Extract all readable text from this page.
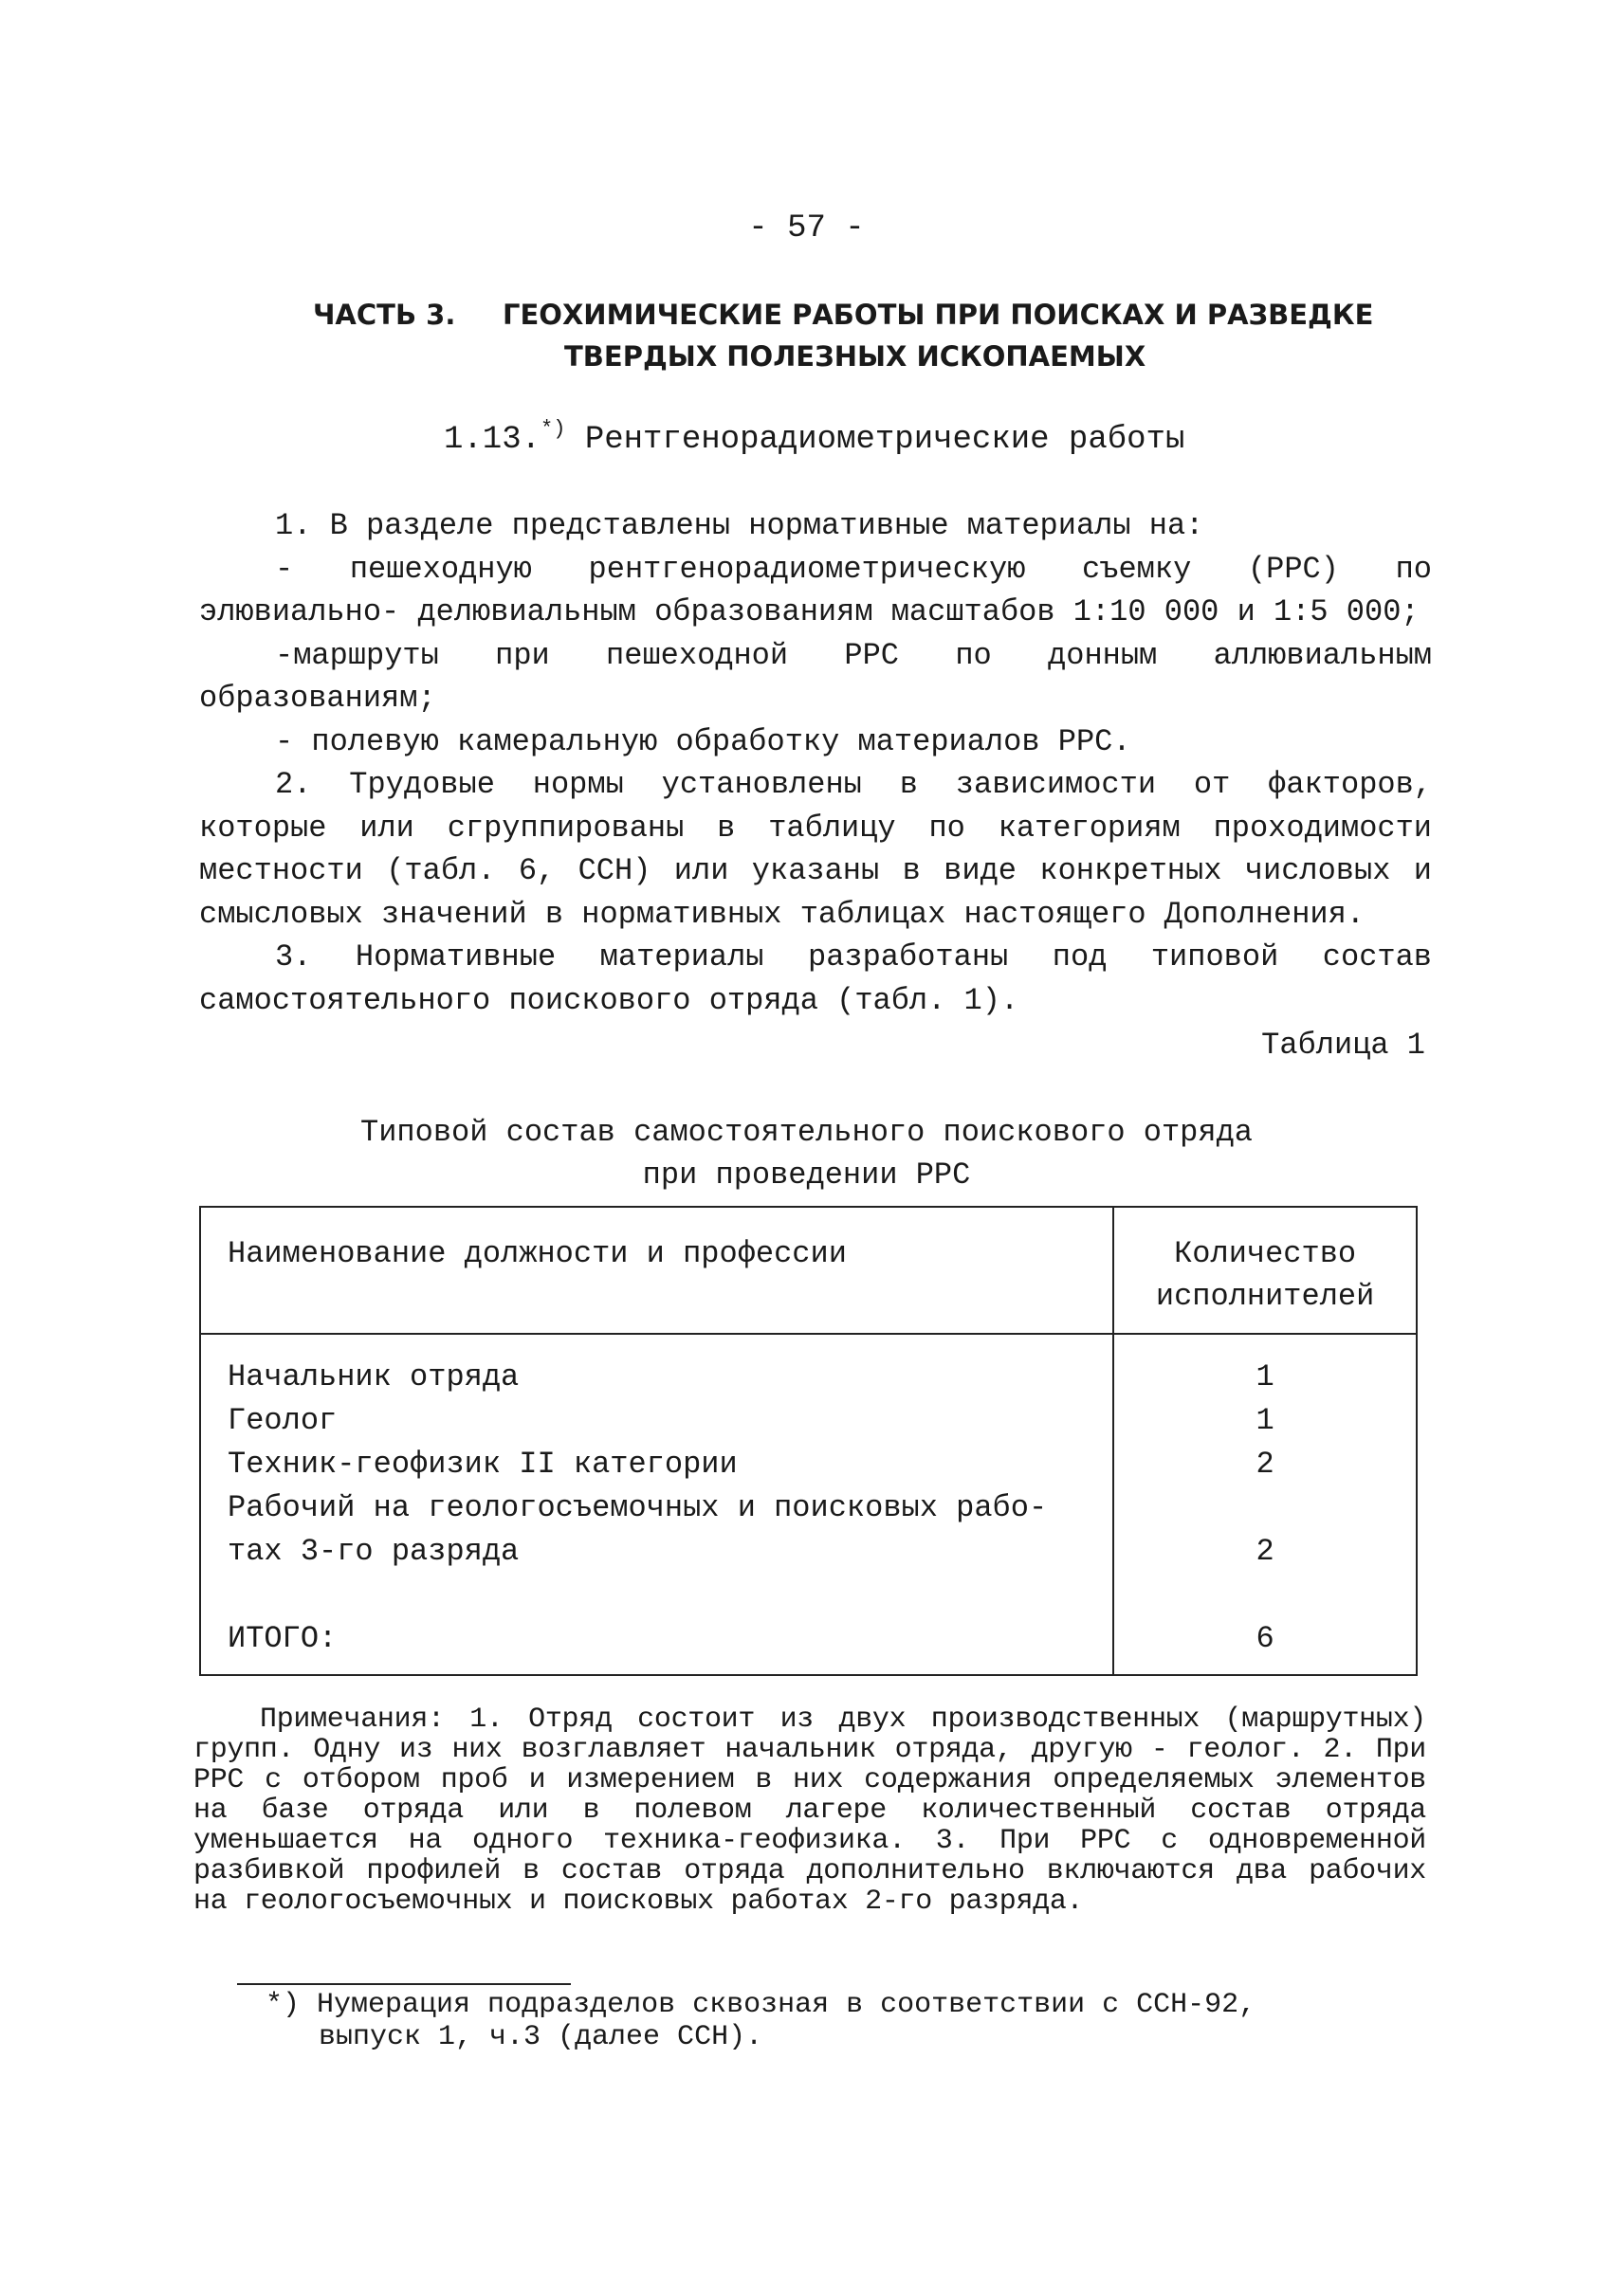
- 57 -
ЧАСТЬ 3. ГЕОХИМИЧЕСКИЕ РАБОТЫ ПРИ ПОИСКАХ И РАЗВЕДКЕ
ТВЕРДЫХ ПОЛЕЗНЫХ ИСКОПАЕМЫХ
1.13.*) Рентгенорадиометрические работы

1. В разделе представлены нормативные материалы на:

- пешеходную рентгенорадиометрическую съемку (РРС) по элювиально- делювиальным образованиям масштабов 1:10 000 и 1:5 000;

-маршруты при пешеходной РРС по донным аллювиальным образованиям;

- полевую камеральную обработку материалов РРС.

2. Трудовые нормы установлены в зависимости от факторов, которые или сгруппированы в таблицу по категориям проходимости местности (табл. 6, ССН) или указаны в виде конкретных числовых и смысловых значений в нормативных таблицах настоящего Дополнения.

3. Нормативные материалы разработаны под типовой состав самостоятельного поискового отряда (табл. 1).

Таблица 1
Типовой состав самостоятельного поискового отряда
при проведении РРС
Наименование должности и профессии	Количество
исполнителей

Начальник отряда	1
Геолог	1
Техник-геофизик II категории	2

Рабочий на геологосъемочных и поисковых рабо-
тах 3-го разряда	2

ИТОГО:	6
Примечания: 1. Отряд состоит из двух производственных (маршрутных) групп. Одну из них возглавляет начальник отряда, другую - геолог. 2. При РРС с отбором проб и измерением в них содержания определяемых элементов на базе отряда или в полевом лагере количественный состав отряда уменьшается на одного техника-геофизика. 3. При РРС с одновременной разбивкой профилей в состав отряда дополнительно включаются два рабочих на геологосъемочных и поисковых работах 2-го разряда.
*) Нумерация подразделов сквозная в соответствии с ССН-92,
выпуск 1, ч.3 (далее ССН).
